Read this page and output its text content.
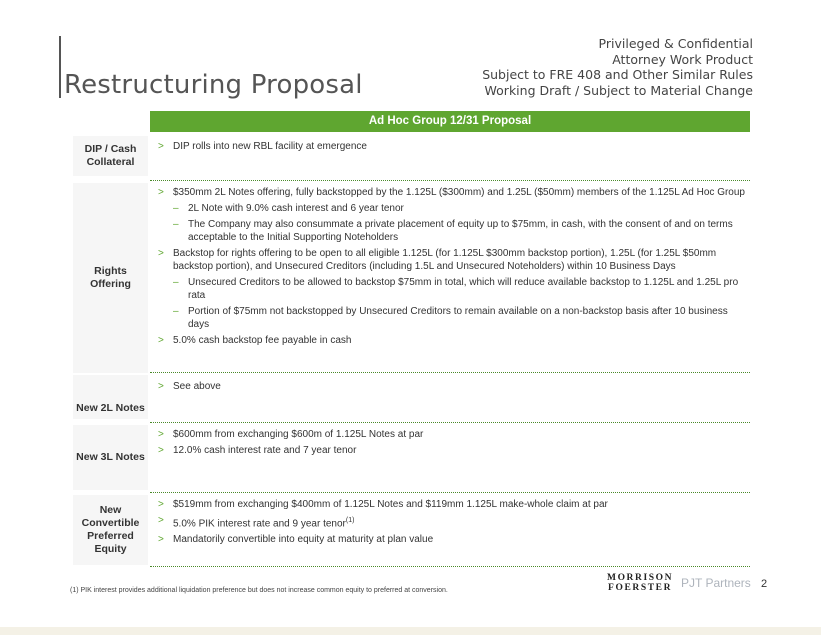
Restructuring Proposal
Privileged & Confidential
Attorney Work Product
Subject to FRE 408 and Other Similar Rules
Working Draft / Subject to Material Change
Ad Hoc Group 12/31 Proposal
DIP / Cash Collateral
> DIP rolls into new RBL facility at emergence
Rights Offering
> $350mm 2L Notes offering, fully backstopped by the 1.125L ($300mm) and 1.25L ($50mm) members of the 1.125L Ad Hoc Group
– 2L Note with 9.0% cash interest and 6 year tenor
– The Company may also consummate a private placement of equity up to $75mm, in cash, with the consent of and on terms acceptable to the Initial Supporting Noteholders
> Backstop for rights offering to be open to all eligible 1.125L (for 1.125L $300mm backstop portion), 1.25L (for 1.25L $50mm backstop portion), and Unsecured Creditors (including 1.5L and Unsecured Noteholders) within 10 Business Days
– Unsecured Creditors to be allowed to backstop $75mm in total, which will reduce available backstop to 1.125L and 1.25L pro rata
– Portion of $75mm not backstopped by Unsecured Creditors to remain available on a non-backstop basis after 10 business days
> 5.0% cash backstop fee payable in cash
New 2L Notes
> See above
New 3L Notes
> $600mm from exchanging $600m of 1.125L Notes at par
> 12.0% cash interest rate and 7 year tenor
New Convertible Preferred Equity
> $519mm from exchanging $400mm of 1.125L Notes and $119mm 1.125L make-whole claim at par
> 5.0% PIK interest rate and 9 year tenor$^{(1)}$
> Mandatorily convertible into equity at maturity at plan value
(1) PIK interest provides additional liquidation preference but does not increase common equity to preferred at conversion.
MORRISON
FOERSTER PJT Partners 2
